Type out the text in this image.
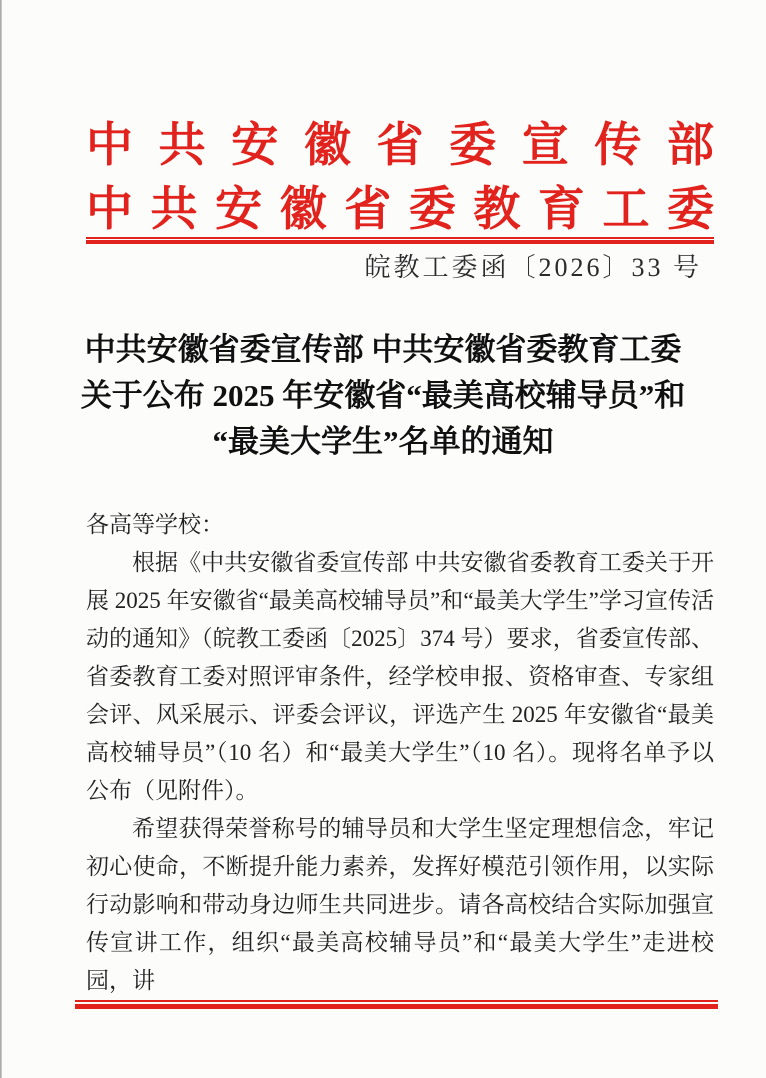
中共安徽省委宣传部
中共安徽省委教育工委
皖教工委函〔2026〕33 号
中共安徽省委宣传部 中共安徽省委教育工委
关于公布 2025 年安徽省“最美高校辅导员”和
“最美大学生”名单的通知

各高等学校：

根据《中共安徽省委宣传部 中共安徽省委教育工委关于开展 2025 年安徽省“最美高校辅导员”和“最美大学生”学习宣传活动的通知》（皖教工委函〔2025〕374 号）要求，省委宣传部、省委教育工委对照评审条件，经学校申报、资格审查、专家组会评、风采展示、评委会评议，评选产生 2025 年安徽省“最美高校辅导员”（10 名）和“最美大学生”（10 名）。现将名单予以公布（见附件）。

希望获得荣誉称号的辅导员和大学生坚定理想信念，牢记初心使命，不断提升能力素养，发挥好模范引领作用，以实际行动影响和带动身边师生共同进步。请各高校结合实际加强宣传宣讲工作，组织“最美高校辅导员”和“最美大学生”走进校园，讲
